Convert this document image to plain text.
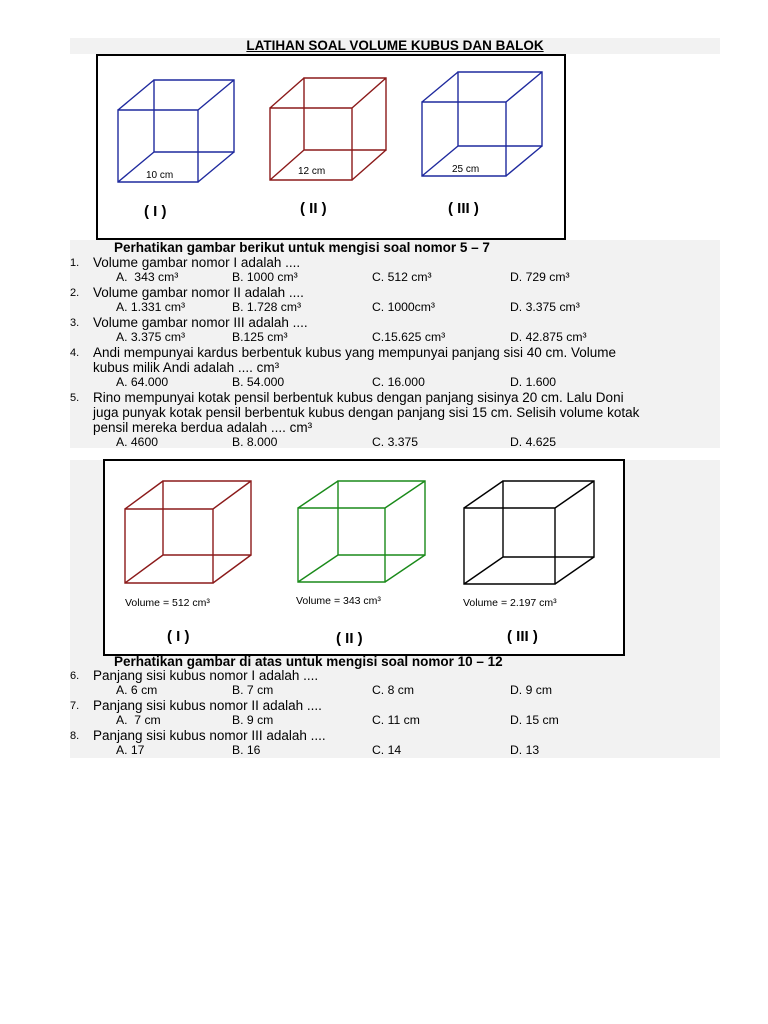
LATIHAN SOAL VOLUME KUBUS DAN BALOK
10 cm
( I )
12 cm
( II )
25 cm
( III )
Perhatikan gambar berikut untuk mengisi soal nomor 5 – 7
1. Volume gambar nomor I adalah ....
A.  343 cm³	B. 1000 cm³	C. 512 cm³	D. 729 cm³
2. Volume gambar nomor II adalah ....
A. 1.331 cm³	B. 1.728 cm³	C. 1000cm³	D. 3.375 cm³
3. Volume gambar nomor III adalah ....
A. 3.375 cm³	B.125 cm³	C.15.625 cm³	D. 42.875 cm³
4. Andi mempunyai kardus berbentuk kubus yang mempunyai panjang sisi 40 cm. Volume
kubus milik Andi adalah .... cm³
A. 64.000	B. 54.000	C. 16.000	D. 1.600
5. Rino mempunyai kotak pensil berbentuk kubus dengan panjang sisinya 20 cm. Lalu Doni
juga punyak kotak pensil berbentuk kubus dengan panjang sisi 15 cm. Selisih volume kotak
pensil mereka berdua adalah .... cm³
A. 4600	B. 8.000	C. 3.375	D. 4.625
Volume = 512 cm³
( I )
Volume = 343 cm³
( II )
Volume = 2.197 cm³
( III )
Perhatikan gambar di atas untuk mengisi soal nomor 10 – 12
6. Panjang sisi kubus nomor I adalah ....
A. 6 cm	B. 7 cm	C. 8 cm	D. 9 cm
7. Panjang sisi kubus nomor II adalah ....
A.  7 cm	B. 9 cm	C. 11 cm	D. 15 cm
8. Panjang sisi kubus nomor III adalah ....
A. 17	B. 16	C. 14	D. 13
